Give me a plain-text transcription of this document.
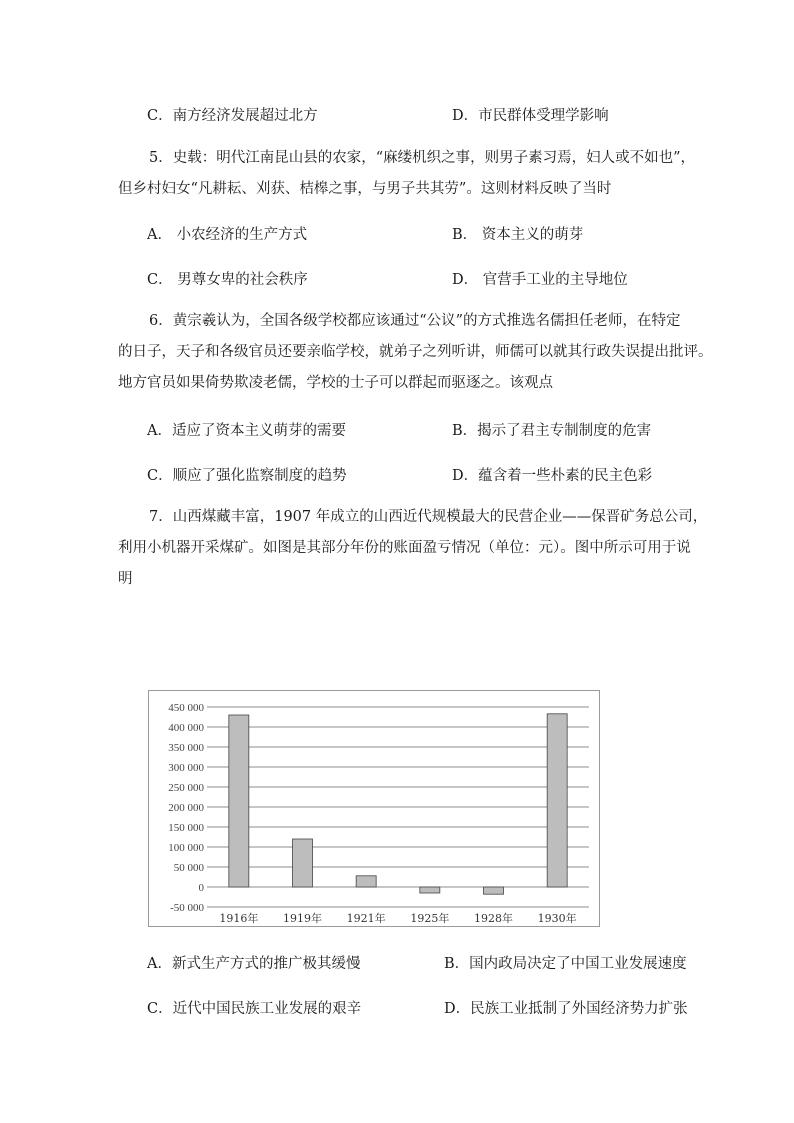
C．南方经济发展超过北方	D．市民群体受理学影响

5．史载：明代江南昆山县的农家，“麻缕机织之事，则男子素习焉，妇人或不如也”，

但乡村妇女“凡耕耘、刈获、桔槔之事，与男子共其劳”。这则材料反映了当时

A． 小农经济的生产方式	B． 资本主义的萌芽
C． 男尊女卑的社会秩序	D． 官营手工业的主导地位

6．黄宗羲认为，全国各级学校都应该通过“公议”的方式推选名儒担任老师，在特定

的日子，天子和各级官员还要亲临学校，就弟子之列听讲，师儒可以就其行政失误提出批评。

地方官员如果倚势欺凌老儒，学校的士子可以群起而驱逐之。该观点

A．适应了资本主义萌芽的需要	B．揭示了君主专制制度的危害
C．顺应了强化监察制度的趋势	D．蕴含着一些朴素的民主色彩

7．山西煤藏丰富，1907 年成立的山西近代规模最大的民营企业——保晋矿务总公司，

利用小机器开采煤矿。如图是其部分年份的账面盈亏情况（单位：元）。图中所示可用于说

明

450 000
400 000
350 000
300 000
250 000
200 000
150 000
100 000
50 000
0
-50 000
1916年 1919年 1921年 1925年 1928年 1930年
A．新式生产方式的推广极其缓慢	B．国内政局决定了中国工业发展速度
C．近代中国民族工业发展的艰辛	D．民族工业抵制了外国经济势力扩张
